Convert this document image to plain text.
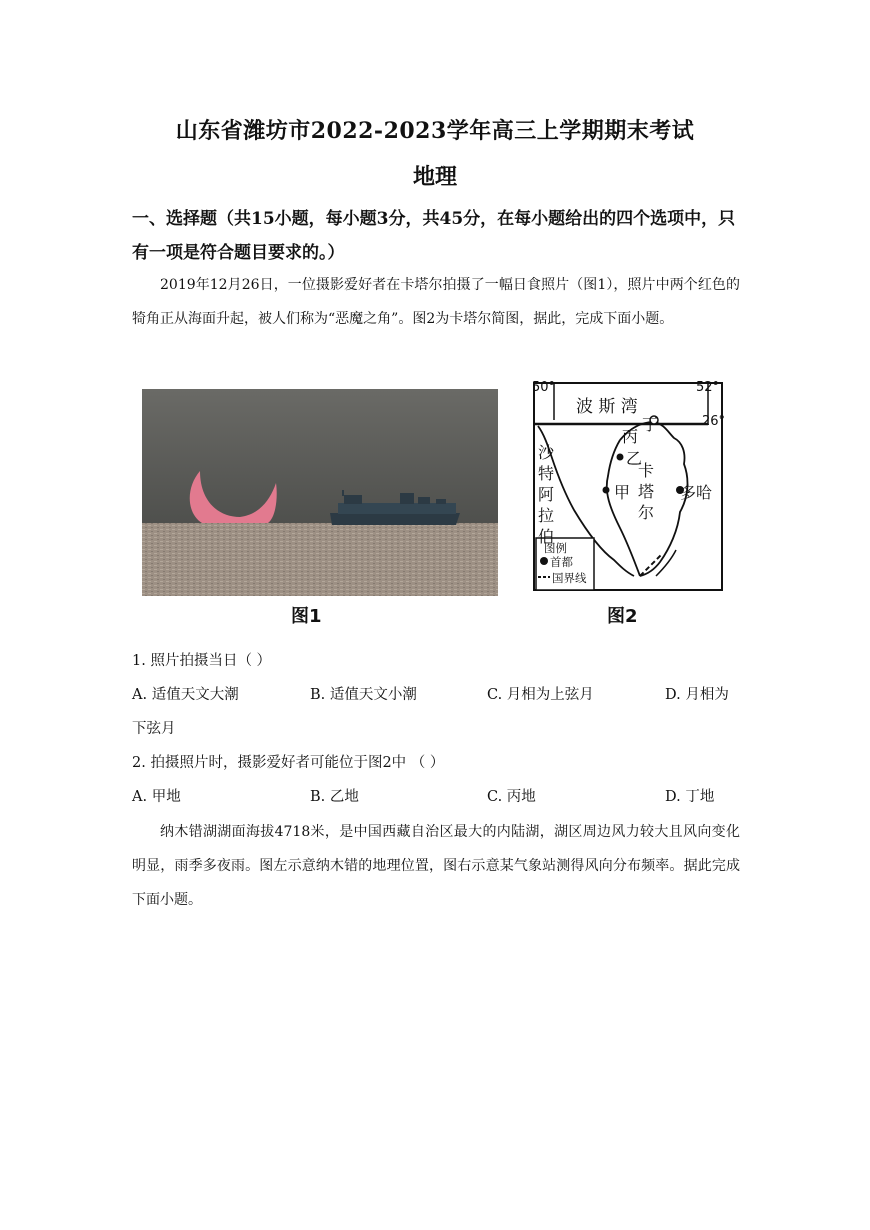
山东省潍坊市2022-2023学年高三上学期期末考试
地理
一、选择题（共15小题，每小题3分，共45分，在每小题给出的四个选项中，只有一项是符合题目要求的。）
2019年12月26日，一位摄影爱好者在卡塔尔拍摄了一幅日食照片（图1），照片中两个红色的犄角正从海面升起，被人们称为“恶魔之角”。图2为卡塔尔简图，据此，完成下面小题。
图1
50°	52°
26°
波 斯 湾
丙
丁
乙
甲	多哈
沙
特
阿
拉
伯
卡
塔
尔
图例
首都
国界线
图2
1. 照片拍摄当日（ ）
A. 适值天文大潮	B. 适值天文小潮	C. 月相为上弦月	D. 月相为
下弦月
2. 拍摄照片时，摄影爱好者可能位于图2中 （ ）
A. 甲地	B. 乙地	C. 丙地	D. 丁地
纳木错湖湖面海拔4718米，是中国西藏自治区最大的内陆湖，湖区周边风力较大且风向变化明显，雨季多夜雨。图左示意纳木错的地理位置，图右示意某气象站测得风向分布频率。据此完成下面小题。
